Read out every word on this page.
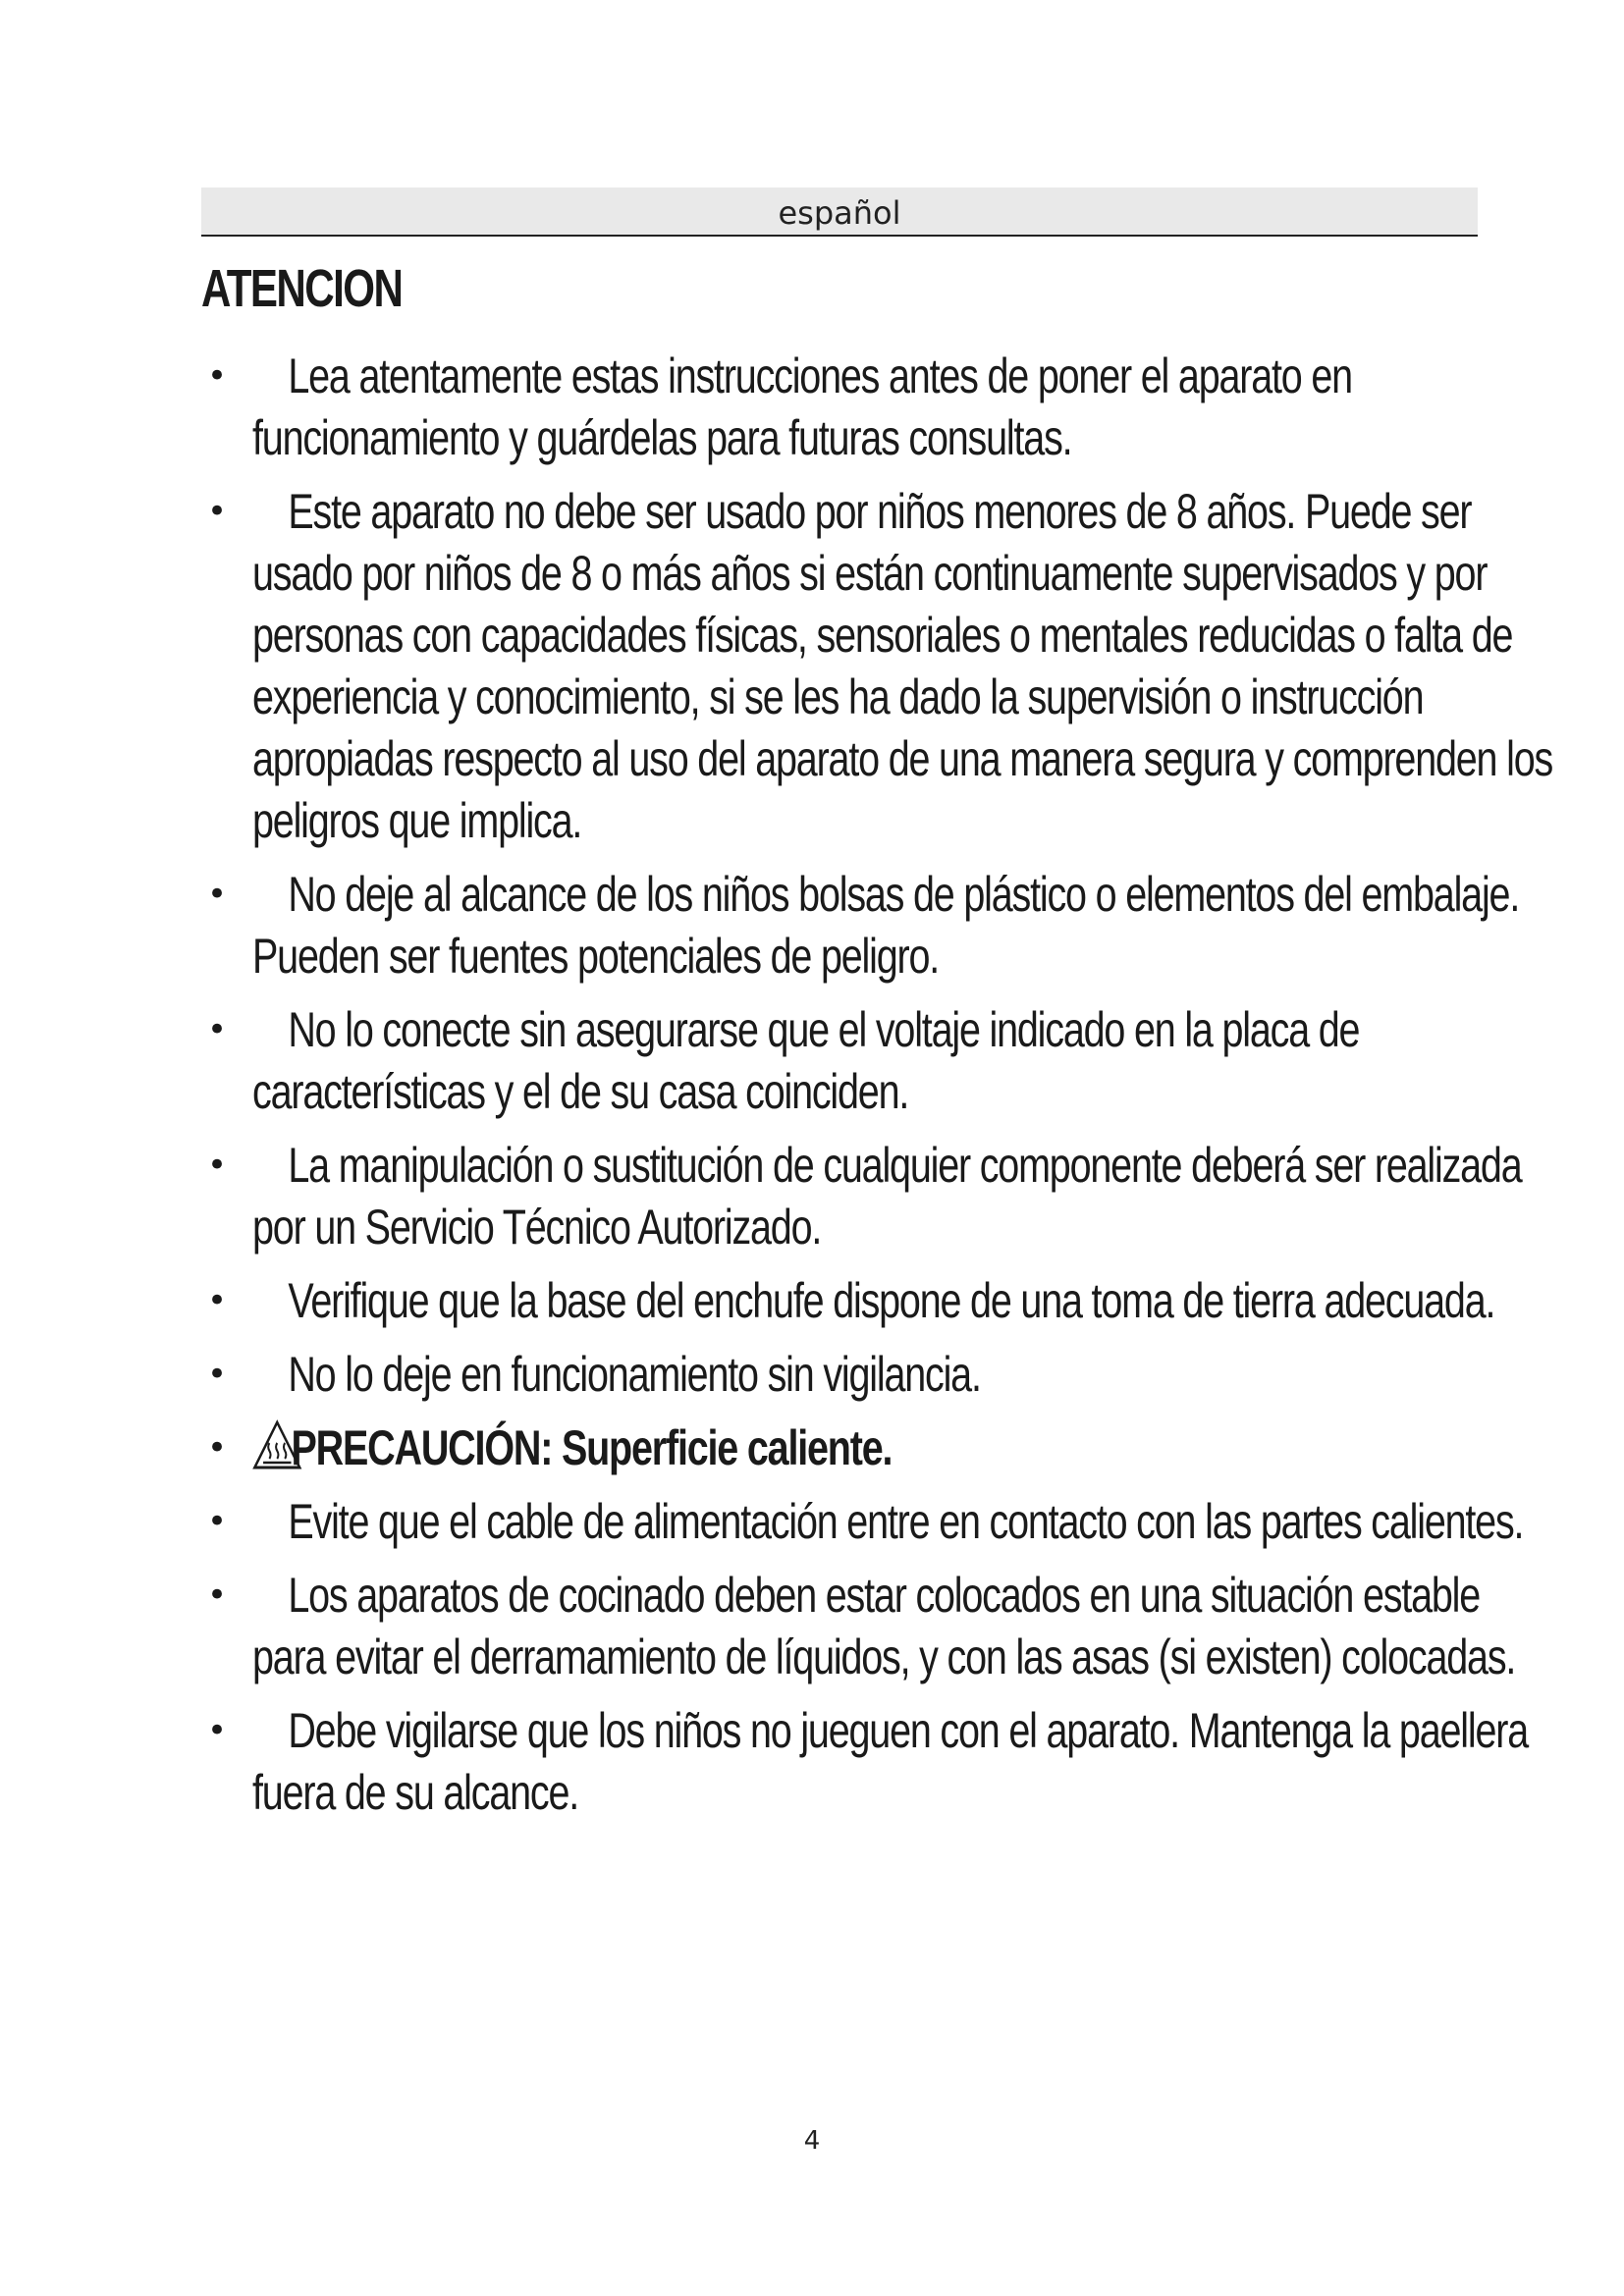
español
ATENCION
•	Lea atentamente estas instrucciones antes de poner el aparato en funcionamiento y guárdelas para futuras consultas.
•	Este aparato no debe ser usado por niños menores de 8 años. Puede ser usado por niños de 8 o más años si están continuamente supervisados y por personas con capacidades físicas, sensoriales o mentales reducidas o falta de experiencia y conocimiento, si se les ha dado la supervisión o instrucción apropiadas respecto al uso del aparato de una manera segura y comprenden los peligros que implica.
•	No deje al alcance de los niños bolsas de plástico o elementos del embalaje. Pueden ser fuentes potenciales de peligro.
•	No lo conecte sin asegurarse que el voltaje indicado en la placa de características y el de su casa coinciden.
•	La manipulación o sustitución de cualquier componente deberá ser realizada por un Servicio Técnico Autorizado.
•	Verifique que la base del enchufe dispone de una toma de tierra adecuada.
•	No lo deje en funcionamiento sin vigilancia.
•	PRECAUCIÓN: Superficie caliente.
•	Evite que el cable de alimentación entre en contacto con las partes calientes.
•	Los aparatos de cocinado deben estar colocados en una situación estable para evitar el derramamiento de líquidos, y con las asas (si existen) colocadas.
•	Debe vigilarse que los niños no jueguen con el aparato. Mantenga la paellera fuera de su alcance.
4
